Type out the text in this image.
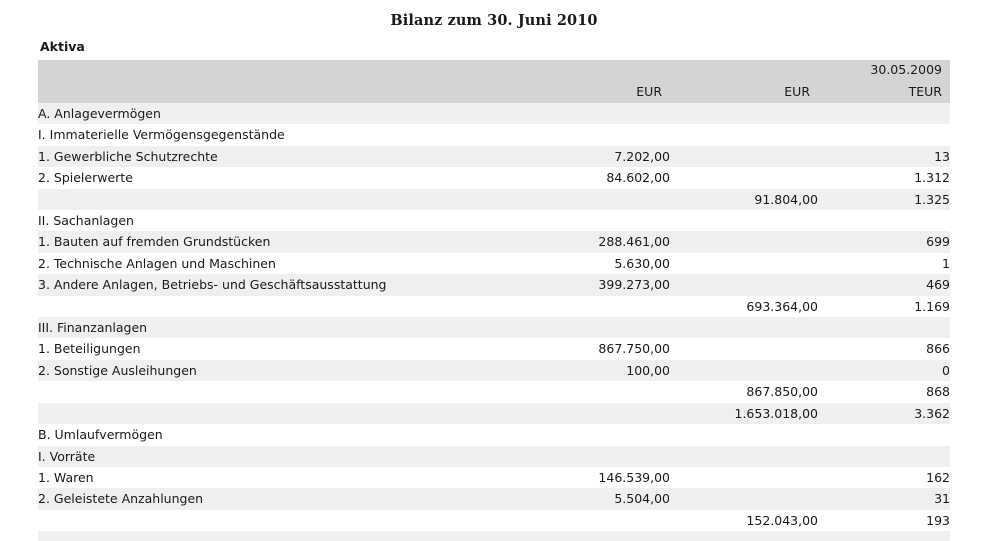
Bilanz zum 30. Juni 2010
Aktiva
			30.05.2009
	EUR	EUR	TEUR
A. Anlagevermögen			
I. Immaterielle Vermögensgegenstände			
1. Gewerbliche Schutzrechte	7.202,00		13
2. Spielerwerte	84.602,00		1.312
		91.804,00	1.325
II. Sachanlagen			
1. Bauten auf fremden Grundstücken	288.461,00		699
2. Technische Anlagen und Maschinen	5.630,00		1
3. Andere Anlagen, Betriebs- und Geschäftsausstattung	399.273,00		469
		693.364,00	1.169
III. Finanzanlagen			
1. Beteiligungen	867.750,00		866
2. Sonstige Ausleihungen	100,00		0
		867.850,00	868
		1.653.018,00	3.362
B. Umlaufvermögen			
I. Vorräte			
1. Waren	146.539,00		162
2. Geleistete Anzahlungen	5.504,00		31
		152.043,00	193
